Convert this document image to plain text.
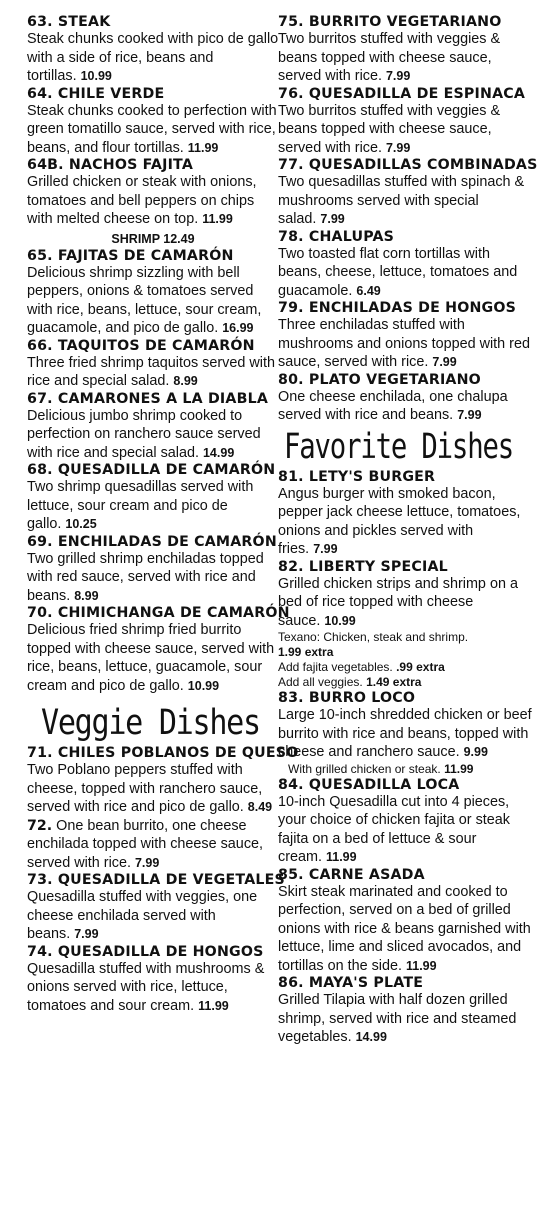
63. STEAK
Steak chunks cooked with pico de gallo with a side of rice, beans and tortillas. 10.99
64. CHILE VERDE
Steak chunks cooked to perfection with green tomatillo sauce, served with rice, beans, and flour tortillas. 11.99
64B. NACHOS FAJITA
Grilled chicken or steak with onions, tomatoes and bell peppers on chips with melted cheese on top. 11.99
SHRIMP 12.49
65. FAJITAS DE CAMARÓN
Delicious shrimp sizzling with bell peppers, onions & tomatoes served with rice, beans, lettuce, sour cream, guacamole, and pico de gallo. 16.99
66. TAQUITOS DE CAMARÓN
Three fried shrimp taquitos served with rice and special salad. 8.99
67. CAMARONES A LA DIABLA
Delicious jumbo shrimp cooked to perfection on ranchero sauce served with rice and special salad. 14.99
68. QUESADILLA DE CAMARÓN
Two shrimp quesadillas served with lettuce, sour cream and pico de gallo. 10.25
69. ENCHILADAS DE CAMARÓN
Two grilled shrimp enchiladas topped with red sauce, served with rice and beans. 8.99
70. CHIMICHANGA DE CAMARÓN
Delicious fried shrimp fried burrito topped with cheese sauce, served with rice, beans, lettuce, guacamole, sour cream and pico de gallo. 10.99
Veggie Dishes
71. CHILES POBLANOS DE QUESO
Two Poblano peppers stuffed with cheese, topped with ranchero sauce, served with rice and pico de gallo. 8.49
72. One bean burrito, one cheese enchilada topped with cheese sauce, served with rice. 7.99
73. QUESADILLA DE VEGETALES
Quesadilla stuffed with veggies, one cheese enchilada served with beans. 7.99
74. QUESADILLA DE HONGOS
Quesadilla stuffed with mushrooms & onions served with rice, lettuce, tomatoes and sour cream. 11.99
75. BURRITO VEGETARIANO
Two burritos stuffed with veggies & beans topped with cheese sauce, served with rice. 7.99
76. QUESADILLA DE ESPINACA
Two burritos stuffed with veggies & beans topped with cheese sauce, served with rice. 7.99
77. QUESADILLAS COMBINADAS
Two quesadillas stuffed with spinach & mushrooms served with special salad. 7.99
78. CHALUPAS
Two toasted flat corn tortillas with beans, cheese, lettuce, tomatoes and guacamole. 6.49
79. ENCHILADAS DE HONGOS
Three enchiladas stuffed with mushrooms and onions topped with red sauce, served with rice. 7.99
80. PLATO VEGETARIANO
One cheese enchilada, one chalupa served with rice and beans. 7.99
Favorite Dishes
81. LETY'S BURGER
Angus burger with smoked bacon, pepper jack cheese lettuce, tomatoes, onions and pickles served with fries. 7.99
82. LIBERTY SPECIAL
Grilled chicken strips and shrimp on a bed of rice topped with cheese sauce. 10.99
Texano: Chicken, steak and shrimp.
1.99 extra
Add fajita vegetables. .99 extra
Add all veggies. 1.49 extra
83. BURRO LOCO
Large 10-inch shredded chicken or beef burrito with rice and beans, topped with cheese and ranchero sauce. 9.99
With grilled chicken or steak. 11.99
84. QUESADILLA LOCA
10-inch Quesadilla cut into 4 pieces, your choice of chicken fajita or steak fajita on a bed of lettuce & sour cream. 11.99
85. CARNE ASADA
Skirt steak marinated and cooked to perfection, served on a bed of grilled onions with rice & beans garnished with lettuce, lime and sliced avocados, and tortillas on the side. 11.99
86. MAYA'S PLATE
Grilled Tilapia with half dozen grilled shrimp, served with rice and steamed vegetables. 14.99
